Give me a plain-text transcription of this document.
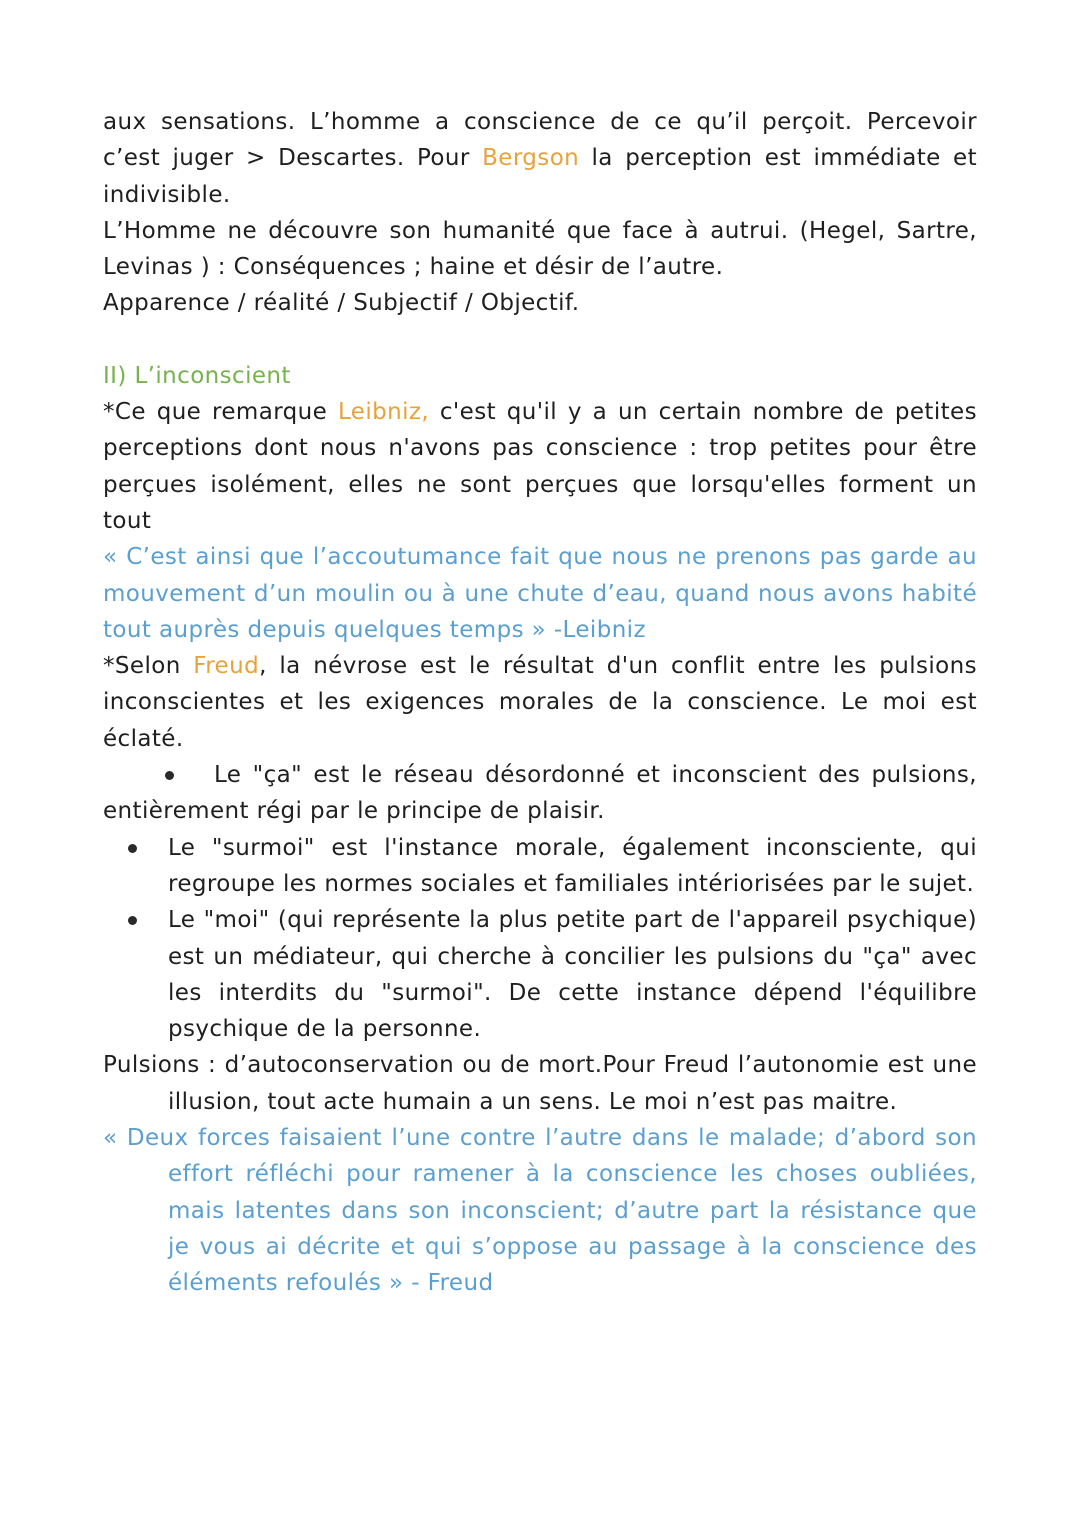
aux sensations. L’homme a conscience de ce qu’il perçoit. Percevoir c’est juger > Descartes. Pour Bergson la perception est immédiate et indivisible.

L’Homme ne découvre son humanité que face à autrui. (Hegel, Sartre, Levinas ) : Conséquences ; haine et désir de l’autre.

Apparence / réalité / Subjectif / Objectif.

II) L’inconscient

*Ce que remarque Leibniz, c'est qu'il y a un certain nombre de petites perceptions dont nous n'avons pas conscience : trop petites pour être perçues isolément, elles ne sont perçues que lorsqu'elles forment un tout

« C’est ainsi que l’accoutumance fait que nous ne prenons pas garde au mouvement d’un moulin ou à une chute d’eau, quand nous avons habité tout auprès depuis quelques temps » -Leibniz

*Selon Freud, la névrose est le résultat d'un conflit entre les pulsions inconscientes et les exigences morales de la conscience. Le moi est éclaté.

Le "ça" est le réseau désordonné et inconscient des pulsions, entièrement régi par le principe de plaisir.

Le "surmoi" est l'instance morale, également inconsciente, qui regroupe les normes sociales et familiales intériorisées par le sujet.

Le "moi" (qui représente la plus petite part de l'appareil psychique) est un médiateur, qui cherche à concilier les pulsions du "ça" avec les interdits du "surmoi". De cette instance dépend l'équilibre psychique de la personne.

Pulsions : d’autoconservation ou de mort.Pour Freud l’autonomie est une illusion, tout acte humain a un sens. Le moi n’est pas maitre.

« Deux forces faisaient l’une contre l’autre dans le malade; d’abord son effort réfléchi pour ramener à la conscience les choses oubliées, mais latentes dans son inconscient; d’autre part la résistance que je vous ai décrite et qui s’oppose au passage à la conscience des éléments refoulés » - Freud
